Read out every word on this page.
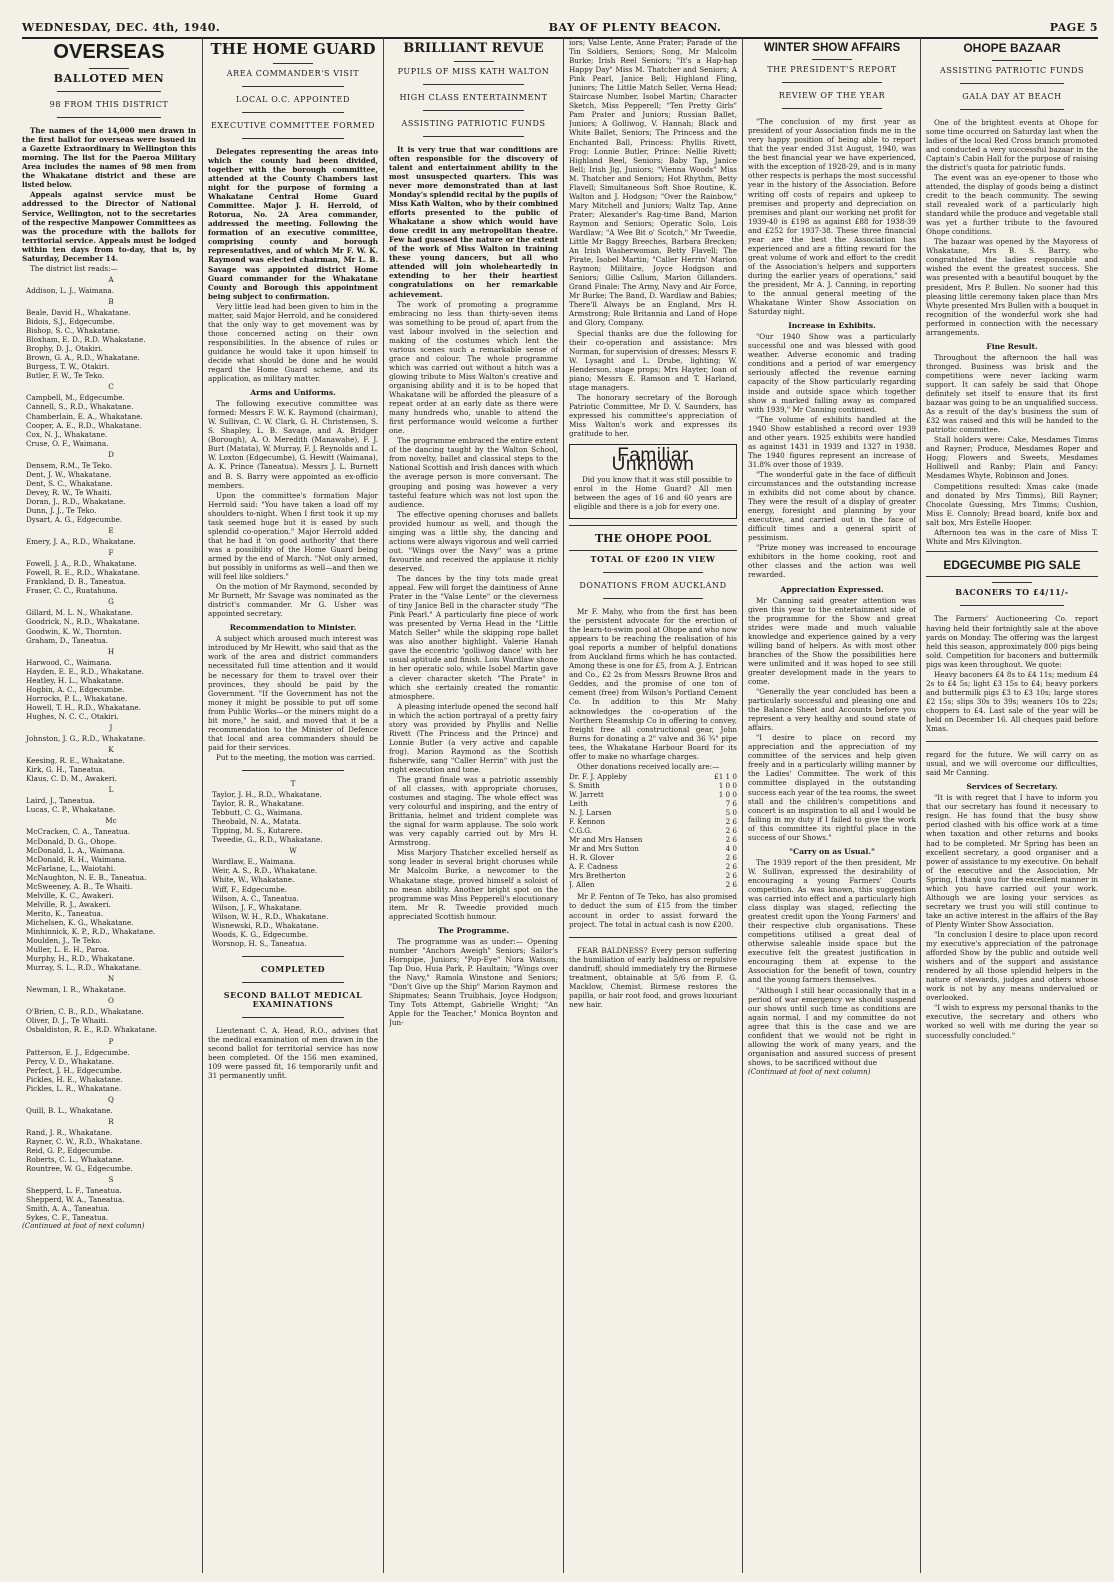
WEDNESDAY, DEC. 4th, 1940.	BAY OF PLENTY BEACON.	PAGE 5
OVERSEAS
BALLOTED MEN
98 FROM THIS DISTRICT

The names of the 14,000 men drawn in the first ballot for overseas were issued in a Gazette Extraordinary in Wellington this morning. The list for the Paeroa Military Area includes the names of 98 men from the Whakatane district and these are listed below.

Appeals against service must be addressed to the Director of National Service, Wellington, not to the secretaries of the respective Manpower Committees as was the procedure with the ballots for territorial service. Appeals must be lodged within ten days from to-day, that is, by Saturday, December 14.

The district list reads:—

A
Addison, L. J., Waimana.
B
Beale, David H., Whakatane.
Bidois, S.J., Edgecumbe.
Bishop, S. C., Whakatane.
Bloxham, E. D., R.D. Whakatane.
Brophy, D. J., Otakiri.
Brown, G. A., R.D., Whakatane.
Burgess, T. W., Otakiri.
Butler, F. W., Te Teko.
C
Campbell, M., Edgecumbe.
Cannell, S., R.D., Whakatane.
Chamberlain, E. A., Whakatane.
Cooper, A. E., R.D., Whakatane.
Cox, N. J., Whakatane.
Cruse, O. F., Waimana.
D
Densem, R.M., Te Teko.
Dent, J. W., Whakatane.
Dent, S. C., Whakatane.
Devey, R. W., Te Whaiti.
Doran, J., R.D., Whakatane.
Dunn, J. J., Te Teko.
Dysart, A. G., Edgecumbe.
E
Emery, J. A., R.D., Whakatane.
F
Fowell, J. A., R.D., Whakatane.
Fowell, R. E., R.D., Whakatane.
Frankland, D. B., Taneatua.
Fraser, C. C., Ruatahuna.
G
Gillard, M. L. N., Whakatane.
Goodrick, N., R.D., Whakatane.
Goodwin, K. W., Thornton.
Graham, D., Taneatua.
H
Harwood, C., Waimana.
Hayden, E. E., R.D., Whakatane.
Heatley, H. L., Whakatane.
Hogbin, A. C., Edgecumbe.
Horrocks, P. L., Whakatane.
Howell, T. H., R.D., Whakatane.
Hughes, N. C. C., Otakiri.
J
Johnston, J. G., R.D., Whakatane.
K
Keesing, R. E., Whakatane.
Kirk, G. H., Taneatua.
Klaus, C. D. M., Awakeri.
L
Laird, J., Taneatua.
Lucas, C. P., Whakatane.
Mc
McCracken, C. A., Taneatua.
McDonald, D. G., Ohope.
McDonald, L. A., Waimana.
McDonald, R. H., Waimana.
McFarlane, L., Waiotahi.
McNaughton, N. E. B., Taneatua.
McSweeney, A. B., Te Whaiti.
Melville, K. C., Awakeri.
Melville, R. J., Awakeri.
Merito, K., Taneatua.
Michelsen, K. G., Whakatane.
Minhinnick, K. P., R.D., Whakatane.
Moulden, J., Te Teko.
Muller, L. E. H., Paroa.
Murphy, H., R.D., Whakatane.
Murray, S. L., R.D., Whakatane.
N
Newman, I. R., Whakatane.
O
O'Brien, C. B., R.D., Whakatane.
Oliver, D. J., Te Whaiti.
Osbaldiston, R. E., R.D. Whakatane.
P
Patterson, E. J., Edgecumbe.
Percy, V. D., Whakatane.
Perfect, J. H., Edgecumbe.
Pickles, H. E., Whakatane.
Pickles, L. R., Whakatane.
Q
Quill, B. L., Whakatane.
R
Rand, J. R., Whakatane.
Rayner, C. W., R.D., Whakatane.
Reid, G. P., Edgecumbe.
Roberts, C. L., Whakatane.
Rountree, W. G., Edgecumbe.
S
Shepperd, L. F., Taneatua.
Shepperd, W. A., Taneatua.
Smith, A. A., Taneatua.
Sykes, C. F., Taneatua.
(Continued at foot of next column)
THE HOME GUARD
AREA COMMANDER'S VISIT
LOCAL O.C. APPOINTED
EXECUTIVE COMMITTEE FORMED

Delegates representing the areas into which the county had been divided, together with the borough committee, attended at the County Chambers last night for the purpose of forming a Whakatane Central Home Guard Committee. Major J. H. Herrold, of Rotorua, No. 2A Area commander, addressed the meeting. Following the formation of an executive committee, comprising county and borough representatives, and of which Mr F. W. K. Raymond was elected chairman, Mr L. B. Savage was appointed district Home Guard commander for the Whakatane County and Borough this appointment being subject to confirmation.

Very little lead had been given to him in the matter, said Major Herrold, and he considered that the only way to get movement was by those concerned acting on their own responsibilities. In the absence of rules or guidance he would take it upon himself to decide what should be done and he would regard the Home Guard scheme, and its application, as military matter.

Arms and Uniforms.

The following executive committee was formed: Messrs F. W. K. Raymond (chairman), W. Sullivan, C. W. Clark, G. H. Christensen, S. S. Shapley, L. B. Savage, and A. Bridger (Borough), A. O. Meredith (Manawahe), F. J. Burt (Matata), W. Murray, F. J. Reynolds and L. W. Loxton (Edgecumbe), G. Hewitt (Waimana), A. K. Prince (Taneatua). Messrs J. L. Burnett and B. S. Barry were appointed as ex-officio members.

Upon the committee's formation Major Herrold said: "You have taken a load off my shoulders to-night. When I first took it up my task seemed huge but it is eased by such splendid co-operation." Major Herrold added that he had it 'on good authority' that there was a possibility of the Home Guard being armed by the end of March. "Not only armed, but possibly in uniforms as well—and then we will feel like soldiers."

On the motion of Mr Raymond, seconded by Mr Burnett, Mr Savage was nominated as the district's commander. Mr G. Usher was appointed secretary.

Recommendation to Minister.

A subject which aroused much interest was introduced by Mr Hewitt, who said that as the work of the area and district commanders necessitated full time attention and it would be necessary for them to travel over their provinces, they should be paid by the Government. "If the Government has not the money it might be possible to put off some from Public Works—or the miners might do a bit more," he said, and moved that it be a recommendation to the Minister of Defence that local and area commanders should be paid for their services.

Put to the meeting, the motion was carried.

T
Taylor, J. H., R.D., Whakatane.
Taylor, R. R., Whakatane.
Tebbutt, C. G., Waimana.
Theobald, N. A., Matata.
Tipping, M. S., Kutarere.
Tweedie, G., R.D., Whakatane.
W
Wardlaw, E., Waimana.
Weir, A. S., R.D., Whakatane.
White, W., Whakatane.
Wiff, F., Edgecumbe.
Wilson, A. C., Taneatua.
Wilson, J. F., Whakatane.
Wilson, W. H., R.D., Whakatane.
Wisnewski, R.D., Whakatane.
Woods, K. G., Edgecumbe.
Worsnop, H. S., Taneatua.
COMPLETED
SECOND BALLOT MEDICAL EXAMINATIONS

Lieutenant C. A. Head, R.O., advises that the medical examination of men drawn in the second ballot for territorial service has now been completed. Of the 156 men examined, 109 were passed fit, 16 temporarily unfit and 31 permanently unfit.

BRILLIANT REVUE
PUPILS OF MISS KATH WALTON
HIGH CLASS ENTERTAINMENT
ASSISTING PATRIOTIC FUNDS

It is very true that war conditions are often responsible for the discovery of talent and entertainment ability in the most unsuspected quarters. This was never more demonstrated than at last Monday's splendid recital by the pupils of Miss Kath Walton, who by their combined efforts presented to the public of Whakatane a show which would have done credit in any metropolitan theatre. Few had guessed the nature or the extent of the work of Miss Walton in training these young dancers, but all who attended will join wholeheartedly in extending to her their heartiest congratulations on her remarkable achievement.

The work of promoting a programme embracing no less than thirty-seven items was something to be proud of, apart from the vast labour involved in the selection and making of the costumes which lent the various scenes such a remarkable sense of grace and colour. The whole programme which was carried out without a hitch was a glowing tribute to Miss Walton's creative and organising ability and it is to be hoped that Whakatane will be afforded the pleasure of a repeat order at an early date as there were many hundreds who, unable to attend the first performance would welcome a further one.

The programme embraced the entire extent of the dancing taught by the Walton School, from novelty, ballet and classical steps to the National Scottish and Irish dances with which the average person is more conversant. The grouping and posing was however a very tasteful feature which was not lost upon the audience.

The effective opening choruses and ballets provided humour as well, and though the singing was a little shy, the dancing and actions were always vigorous and well carried out. "Wings over the Navy" was a prime favourite and received the applause it richly deserved.

The dances by the tiny tots made great appeal. Few will forget the daintiness of Anne Prater in the "Valse Lente" or the cleverness of tiny Janice Bell in the character study "The Pink Pearl." A particularly fine piece of work was presented by Verna Head in the "Little Match Seller" while the skipping rope ballet was also another highlight. Valerie Hanah gave the eccentric 'golliwog dance' with her usual aptitude and finish. Lois Wardlaw shone in her operatic solo, while Isobel Martin gave a clever character sketch "The Pirate" in which she certainly created the romantic atmosphere.

A pleasing interlude opened the second half in which the action portrayal of a pretty fairy story was provided by Phyllis and Nellie Rivett (The Princess and the Prince) and Lonnie Butler (a very active and capable frog). Marion Raymond as the Scottish fisherwife, sang "Caller Herrin" with just the right execution and tone.

The grand finale was a patriotic assembly of all classes, with appropriate choruses, costumes and staging. The whole effect was very colourful and inspiring, and the entry of Brittania, helmet and trident complete was the signal for warm applause. The solo work was very capably carried out by Mrs H. Armstrong.

Miss Marjory Thatcher excelled herself as song leader in several bright choruses while Mr Malcolm Burke, a newcomer to the Whakatane stage, proved himself a soloist of no mean ability. Another bright spot on the programme was Miss Pepperell's elocutionary item. Mr R. Tweedie provided much appreciated Scottish humour.

The Programme.

The programme was as under:— Opening number "Anchors Aweigh" Seniors; Sailor's Hornpipe, Juniors; "Pop-Eye" Nora Watson; Tap Duo, Huia Park, P. Haultain; "Wings over the Navy," Ramola Winstone and Seniors; "Don't Give up the Ship" Marion Raymon and Shipmates; Seann Truibhais, Joyce Hodgson; Tiny Tots Attempt, Gabrielle Wright; "An Apple for the Teacher," Monica Boynton and Jun-

iors; Valse Lente, Anne Prater; Parade of the Tin Soldiers, Seniors; Song, Mr Malcolm Burke; Irish Reel Seniors; "It's a Hap-hap Happy Day" Miss M. Thatcher and Seniors; A Pink Pearl, Janice Bell; Highland Fling, Juniors; The Little Match Seller, Verna Head; Staircase Number, Isobel Martin; Character Sketch, Miss Pepperell; "Ten Pretty Girls" Pam Prater and Juniors; Russian Ballet, Juniors; A Golliwog, V. Hannah; Black and White Ballet, Seniors; The Princess and the Enchanted Ball, Princess: Phyllis Rivett, Frog: Lonnie Butler, Prince: Nellie Rivett; Highland Reel, Seniors; Baby Tap, Janice Bell; Irish Jig, Juniors; "Vienna Woods" Miss M. Thatcher and Seniors; Hot Rhythm, Betty Flavell; Simultaneous Soft Shoe Routine, K. Walton and J. Hodgson; "Over the Rainbow," Mary Mitchell and Juniors; Waltz Tap, Anne Prater; Alexander's Rag-time Band, Marion Raymon and Seniors; Operatic Solo, Lois Wardlaw; "A Wee Bit o' Scotch," Mr Tweedie, Little Mr Baggy Breeches, Barbara Brecken; An Irish Washerwoman, Betty Flavell; The Pirate, Isobel Martin; "Caller Herrin' Marion Raymon; Militaire, Joyce Hodgson and Seniors; Gillie Callum, Marion Gillanders. Grand Finale: The Army, Navy and Air Force, Mr Burke; The Band, D. Wardlaw and Babies; There'll Always be an England, Mrs H. Armstrong; Rule Britannia and Land of Hope and Glory, Company.

Special thanks are due the following for their co-operation and assistance: Mrs Norman, for supervision of dresses; Messrs F. W. Lysaght and L. Drube, lighting; W. Henderson, stage props; Mrs Hayter, loan of piano; Messrs E. Ramson and T. Harland, stage managers.

The honorary secretary of the Borough Patriotic Committee, Mr D. V. Saunders, has expressed his committee's appreciation of Miss Walton's work and expresses its gratitude to her.

Familiar Unknown

Did you know that it was still possible to enrol in the Home Guard? All men between the ages of 16 and 60 years are eligible and there is a job for every one.

THE OHOPE POOL
TOTAL OF £200 IN VIEW
DONATIONS FROM AUCKLAND

Mr F. Mahy, who from the first has been the persistent advocate for the erection of the learn-to-swim pool at Ohope and who now appears to be reaching the realisation of his goal reports a number of helpful donations from Auckland firms which he has contacted. Among these is one for £5, from A. J. Entrican and Co., £2 2s from Messrs Browne Bros and Geddes, and the promise of one ton of cement (free) from Wilson's Portland Cement Co. In addition to this Mr Mahy acknowledges the co-operation of the Northern Steamship Co in offering to convey, freight free all constructional gear, John Burns for donating a 2" valve and 36 ¾" pipe tees, the Whakatane Harbour Board for its offer to make no wharfage charges.

Other donations received locally are:—

Dr. F. J. Appleby	£1 1 0
S. Smith	1 0 0
W. Jarrett	1 0 0
Leith	7 6
N. J. Larsen	5 0
F. Kennon	2 6
C.G.G.	2 6
Mr and Mrs Hansen	2 6
Mr and Mrs Sutton	4 0
H. R. Glover	2 6
A. F. Cadness	2 6
Mrs Bretherton	2 6
J. Allen	2 6

Mr P. Fenton of Te Teko, has also promised to deduct the sum of £15 from the timber account in order to assist forward the project. The total in actual cash is now £200.

FEAR BALDNESS? Every person suffering the humiliation of early baldness or repulsive dandruff, should immediately try the Birmese treatment, obtainable at 5/6 from F. G. Macklow, Chemist. Birmese restores the papilla, or hair root food, and grows luxuriant new hair.

WINTER SHOW AFFAIRS
THE PRESIDENT'S REPORT
REVIEW OF THE YEAR

"The conclusion of my first year as president of your Association finds me in the very happy position of being able to report that the year ended 31st August, 1940, was the best financial year we have experienced, with the exception of 1928-29, and is in many other respects is perhaps the most successful year in the history of the Association. Before writing off costs of repairs and upkeep to premises and property and depreciation on premises and plant our working net profit for 1939-40 is £198 as against £88 for 1938-39 and £252 for 1937-38. These three financial year are the best the Association has experienced and are a fitting reward for the great volume of work and effort to the credit of the Association's helpers and supporters during the earlier years of operations," said the president, Mr A. J. Canning, in reporting to the annual general meeting of the Whakatane Winter Show Association on Saturday night.

Increase in Exhibits.

"Our 1940 Show was a particularly successful one and was blessed with good weather. Adverse economic and trading conditions and a period of war emergency seriously affected the revenue earning capacity of the Show particularly regarding inside and outside space which together show a marked falling away as compared with 1939," Mr Canning continued.

"The volume of exhibits handled at the 1940 Show established a record over 1939 and other years. 1925 exhibits were handled as against 1431 in 1939 and 1327 in 1938. The 1940 figures represent an increase of 31.8% over those of 1939.

"The wonderful gate in the face of difficult circumstances and the outstanding increase in exhibits did not come about by chance. They were the result of a display of greater energy, foresight and planning by your executive, and carried out in the face of difficult times and a general spirit of pessimism.

"Prize money was increased to encourage exhibitors in the home cooking, root and other classes and the action was well rewarded.

Appreciation Expressed.

Mr Canning said greater attention was given this year to the entertainment side of the programme for the Show and great strides were made and much valuable knowledge and experience gained by a very willing band of helpers. As with most other branches of the Show the possibilities here were unlimited and it was hoped to see still greater development made in the years to come.

"Generally the year concluded has been a particularly successful and pleasing one and the Balance Sheet and Accounts before you represent a very healthy and sound state of affairs.

"I desire to place on record my appreciation and the appreciation of my committee of the services and help given freely and in a particularly willing manner by the Ladies' Committee. The work of this committee displayed in the outstanding success each year of the tea rooms, the sweet stall and the children's competitions and concert is an inspiration to all and I would be failing in my duty if I failed to give the work of this committee its rightful place in the success of our Shows."

"Carry on as Usual."

The 1939 report of the then president, Mr W. Sullivan, expressed the desirability of encouraging a young Farmers' Courts competition. As was known, this suggestion was carried into effect and a particularly high class display was staged, reflecting the greatest credit upon the Young Farmers' and their respective club organisations. These competitions utilised a great deal of otherwise saleable inside space but the executive felt the greatest justification in encouraging them at expense to the Association for the benefit of town, country and the young farmers themselves.

"Although I still hear occasionally that in a period of war emergency we should suspend our shows until such time as conditions are again normal, I and my committee do not agree that this is the case and we are confident that we would not be right in allowing the work of many years, and the organisation and assured success of present shows, to be sacrificed without due

(Continued at foot of next column)
OHOPE BAZAAR
ASSISTING PATRIOTIC FUNDS
GALA DAY AT BEACH

One of the brightest events at Ohope for some time occurred on Saturday last when the ladies of the local Red Cross branch promoted and conducted a very successful bazaar in the Captain's Cabin Hall for the purpose of raising the district's quota for patriotic funds.

The event was an eye-opener to those who attended, the display of goods being a distinct credit to the beach community. The sewing stall revealed work of a particularly high standard while the produce and vegetable stall was yet a further tribute to the favoured Ohope conditions.

The bazaar was opened by the Mayoress of Whakatane, Mrs B. S. Barry, who congratulated the ladies responsible and wished the event the greatest success. She was presented with a beautiful bouquet by the president, Mrs P. Bullen. No sooner had this pleasing little ceremony taken place than Mrs Whyte presented Mrs Bullen with a bouquet in recognition of the wonderful work she had performed in connection with the necessary arrangements.

Fine Result.

Throughout the afternoon the hall was thronged. Business was brisk and the competitions were never lacking warm support. It can safely be said that Ohope definitely set itself to ensure that its first bazaar was going to be an unqualified success. As a result of the day's business the sum of £32 was raised and this will be handed to the patriotic committee.

Stall holders were: Cake, Mesdames Timms and Rayner; Produce, Mesdames Roper and Hogg; Flowers and Sweets, Mesdames Holliwell and Ranby; Plain and Fancy: Mesdames Whyte, Robinson and Jones.

Competitions resulted: Xmas cake (made and donated by Mrs Timms), Bill Rayner; Chocolate Guessing, Mrs Timms; Cushion, Miss E. Connoly; Bread board, knife box and salt box, Mrs Estelle Hooper.

Afternoon tea was in the care of Miss T. White and Mrs Kilvington.

EDGECUMBE PIG SALE
BACONERS TO £4/11/-

The Farmers' Auctioneering Co. report having held their fortnightly sale at the above yards on Monday. The offering was the largest held this season, approximately 800 pigs being sold. Competition for baconers and buttermilk pigs was keen throughout. We quote:

Heavy baconers £4 8s to £4 11s; medium £4 2s to £4 5s; light £3 15s to £4; heavy porkers and buttermilk pigs £3 to £3 10s; large stores £2 15s; slips 30s to 39s; weaners 10s to 22s; choppers to £4. Last sale of the year will be held on December 16. All cheques paid before Xmas.

regard for the future. We will carry on as usual, and we will overcome our difficulties, said Mr Canning.

Services of Secretary.

"It is with regret that I have to inform you that our secretary has found it necessary to resign. He has found that the busy show period clashed with his office work at a time when taxation and other returns and books had to be completed. Mr Spring has been an excellent secretary, a good organiser and a power of assistance to my executive. On behalf of the executive and the Association, Mr Spring, I thank you for the excellent manner in which you have carried out your work. Although we are losing your services as secretary we trust you will still continue to take an active interest in the affairs of the Bay of Plenty Winter Show Association.

"In conclusion I desire to place upon record my executive's appreciation of the patronage afforded Show by the public and outside well wishers and of the support and assistance rendered by all those splendid helpers in the nature of stewards, judges and others whose work is not by any means undervalued or overlooked.

"I wish to express my personal thanks to the executive, the secretary and others who worked so well with me during the year so successfully concluded."
